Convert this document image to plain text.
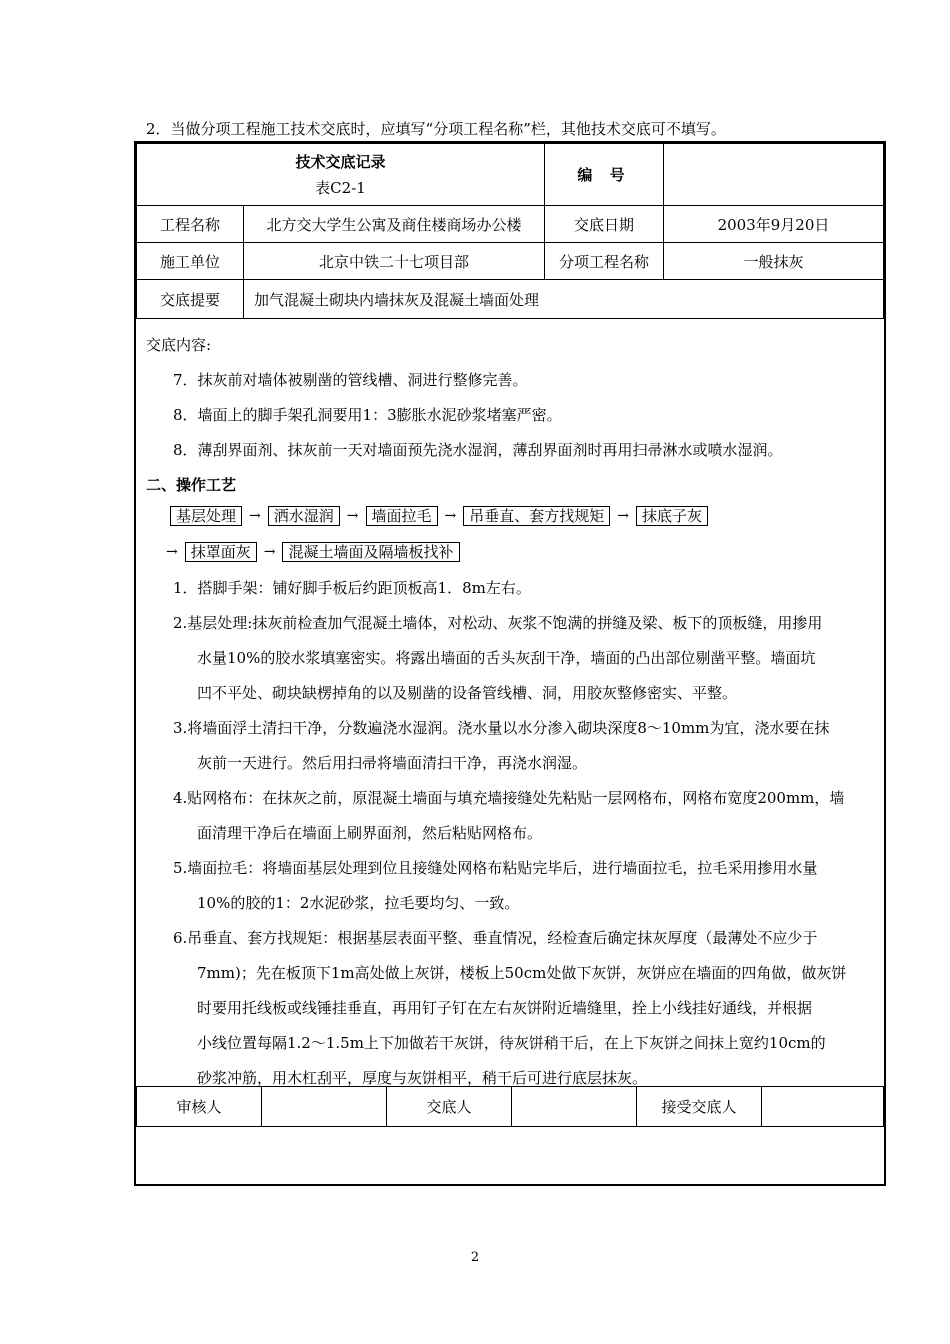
2．当做分项工程施工技术交底时，应填写“分项工程名称”栏，其他技术交底可不填写。
技术交底记录
表C2-1
编 号
工程名称	北方交大学生公寓及商住楼商场办公楼	交底日期	2003年9月20日
施工单位	北京中铁二十七项目部	分项工程名称	一般抹灰
交底提要	加气混凝土砌块内墙抹灰及混凝土墙面处理
交底内容:
7．抹灰前对墙体被剔凿的管线槽、洞进行整修完善。
8．墙面上的脚手架孔洞要用1：3膨胀水泥砂浆堵塞严密。
8．薄刮界面剂、抹灰前一天对墙面预先浇水湿润，薄刮界面剂时再用扫帚淋水或喷水湿润。
二、操作工艺
基层处理 → 洒水湿润 → 墙面拉毛 → 吊垂直、套方找规矩 → 抹底子灰
→ 抹罩面灰 → 混凝土墙面及隔墙板找补
1．搭脚手架：铺好脚手板后约距顶板高1．8m左右。
2.基层处理:抹灰前检查加气混凝土墙体，对松动、灰浆不饱满的拼缝及梁、板下的顶板缝，用掺用
水量10%的胶水浆填塞密实。将露出墙面的舌头灰刮干净，墙面的凸出部位剔凿平整。墙面坑
凹不平处、砌块缺楞掉角的以及剔凿的设备管线槽、洞，用胶灰整修密实、平整。
3.将墙面浮土清扫干净，分数遍浇水湿润。浇水量以水分渗入砌块深度8～10mm为宜，浇水要在抹
灰前一天进行。然后用扫帚将墙面清扫干净，再浇水润湿。
4.贴网格布：在抹灰之前，原混凝土墙面与填充墙接缝处先粘贴一层网格布，网格布宽度200mm，墙
面清理干净后在墙面上刷界面剂，然后粘贴网格布。
5.墙面拉毛：将墙面基层处理到位且接缝处网格布粘贴完毕后，进行墙面拉毛，拉毛采用掺用水量
10%的胶的1：2水泥砂浆，拉毛要均匀、一致。
6.吊垂直、套方找规矩：根据基层表面平整、垂直情况，经检查后确定抹灰厚度（最薄处不应少于
7mm)；先在板顶下1m高处做上灰饼，楼板上50cm处做下灰饼，灰饼应在墙面的四角做，做灰饼
时要用托线板或线锤挂垂直，再用钉子钉在左右灰饼附近墙缝里，拴上小线挂好通线，并根据
小线位置每隔1.2～1.5m上下加做若干灰饼，待灰饼稍干后，在上下灰饼之间抹上宽约10cm的
砂浆冲筋，用木杠刮平，厚度与灰饼相平，稍干后可进行底层抹灰。
审核人	交底人	接受交底人
2
